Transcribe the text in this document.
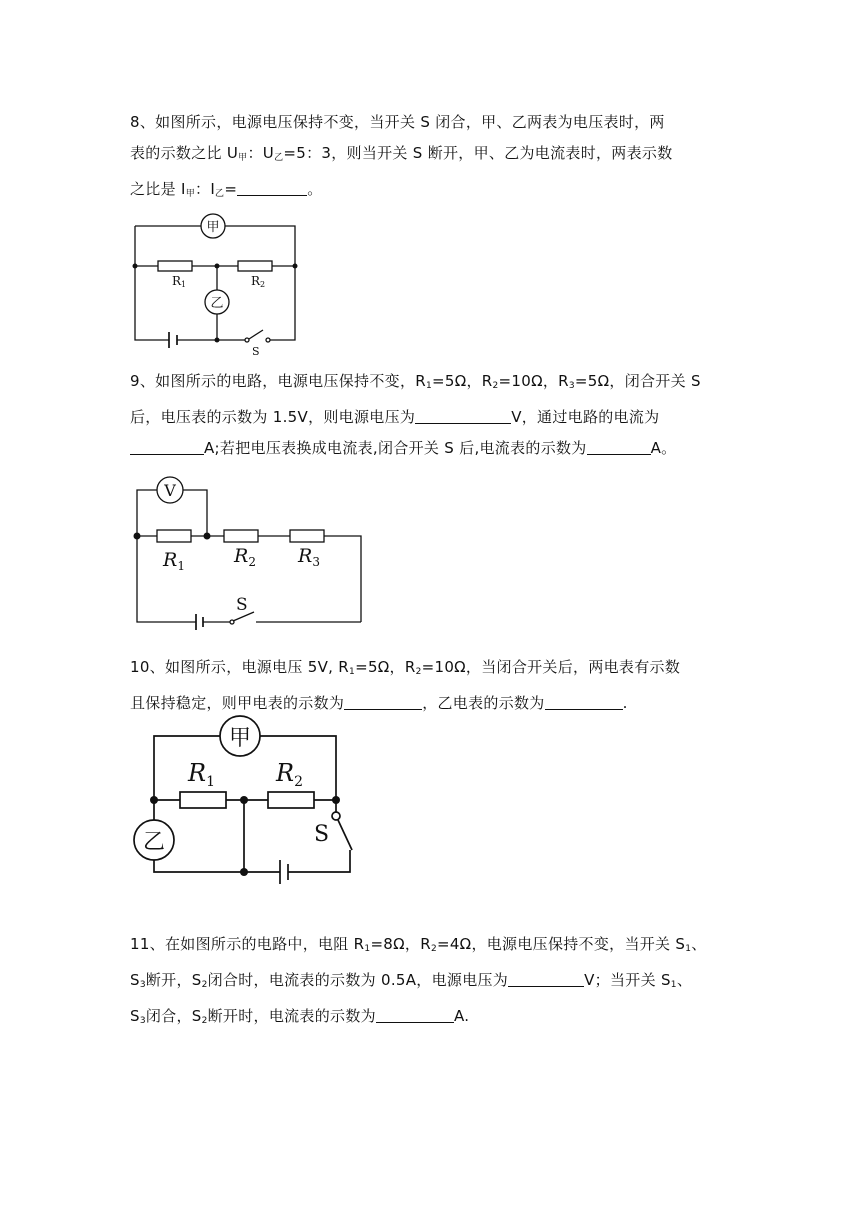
8、如图所示，电源电压保持不变，当开关 S 闭合，甲、乙两表为电压表时，两

表的示数之比 $U_甲$：$U_乙=5$：3，则当开关 S 断开，甲、乙为电流表时，两表示数

之比是 $I_甲$：$I_乙=$	。

甲
R1	R2
乙
S

9、如图所示的电路，电源电压保持不变，$R_1=5\Omega$，$R_2=10\Omega$，$R_3=5\Omega$，闭合开关 S

后，电压表的示数为 1.5V，则电源电压为	V，通过电路的电流为

A;若把电压表换成电流表,闭合开关 S 后,电流表的示数为	A。

V
$R_1$	$R_2$ $R_3$
S

10、如图所示，电源电压 5V, $R_1=5\Omega$，$R_2=10\Omega$，当闭合开关后，两电表有示数

且保持稳定，则甲电表的示数为	，乙电表的示数为	.

甲
$R_1$	$R_2$
乙	S

11、在如图所示的电路中，电阻 $R_1=8\Omega$，$R_2=4\Omega$，电源电压保持不变，当开关 $S_1$、

$S_3$断开，$S_2$闭合时，电流表的示数为 0.5A，电源电压为	V；当开关 $S_1$、

$S_3$闭合，$S_2$断开时，电流表的示数为	A.
